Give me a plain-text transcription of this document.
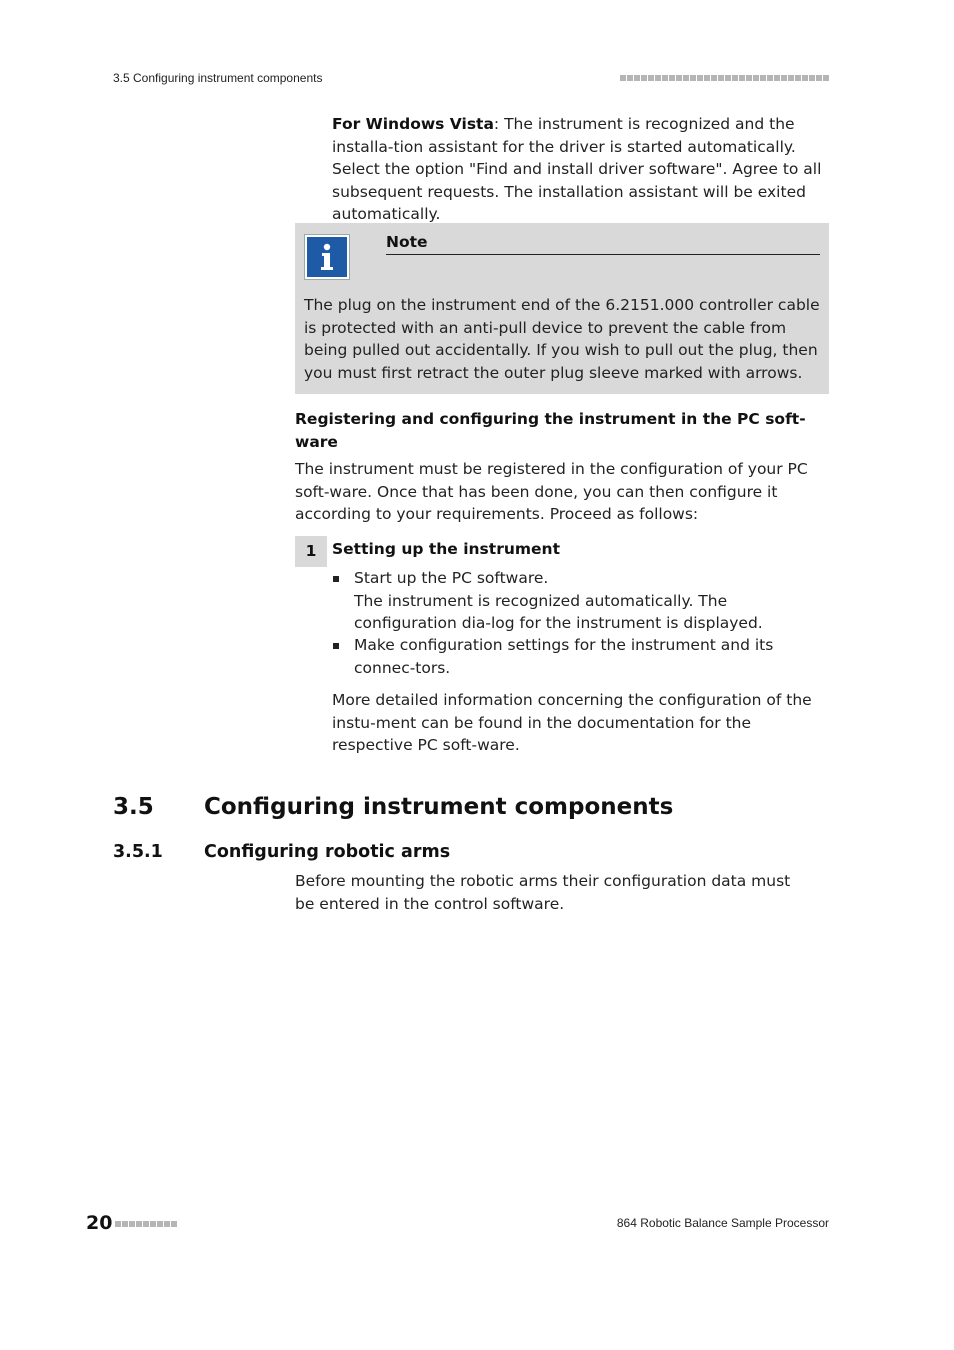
3.5 Configuring instrument components
For Windows Vista: The instrument is recognized and the installa-tion assistant for the driver is started automatically. Select the option "Find and install driver software". Agree to all subsequent requests. The installation assistant will be exited automatically.
Note
The plug on the instrument end of the 6.2151.000 controller cable is protected with an anti-pull device to prevent the cable from being pulled out accidentally. If you wish to pull out the plug, then you must first retract the outer plug sleeve marked with arrows.
Registering and configuring the instrument in the PC soft-ware
The instrument must be registered in the configuration of your PC soft-ware. Once that has been done, you can then configure it according to your requirements. Proceed as follows:
1	Setting up the instrument
Start up the PC software.
The instrument is recognized automatically. The configuration dia-log for the instrument is displayed.
Make configuration settings for the instrument and its connec-tors.
More detailed information concerning the configuration of the instu-ment can be found in the documentation for the respective PC soft-ware.
3.5 Configuring instrument components
3.5.1 Configuring robotic arms
Before mounting the robotic arms their configuration data must be entered in the control software.
20	864 Robotic Balance Sample Processor
